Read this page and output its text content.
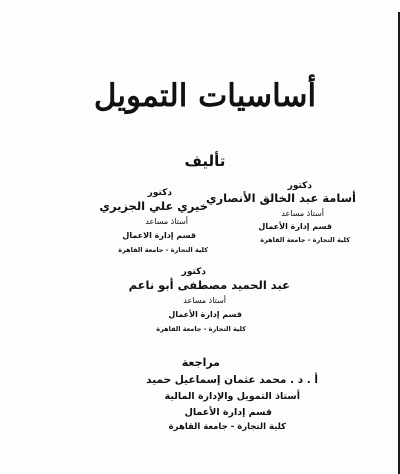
أساسيات التمويل
تأليف
دكتور
أسامة عبد الخالق الأنصاري
أستاذ مساعد
قسم إدارة الأعمال
كلية التجارة - جامعة القاهرة
دكتور
خيري علي الجزيري
أستاذ مساعد
قسم إدارة الاعمال
كلية التجارة - جامعة القاهرة
دكتور
عبد الحميد مصطفى أبو ناعم
أستاذ مساعد
قسم إدارة الأعمال
كلية التجارة - جامعة القاهرة
مراجعة
أ . د . محمد عثمان إسماعيل حميد
أستاذ التمويل والإدارة المالية
قسم إدارة الأعمال
كلية التجارة - جامعة القاهرة
